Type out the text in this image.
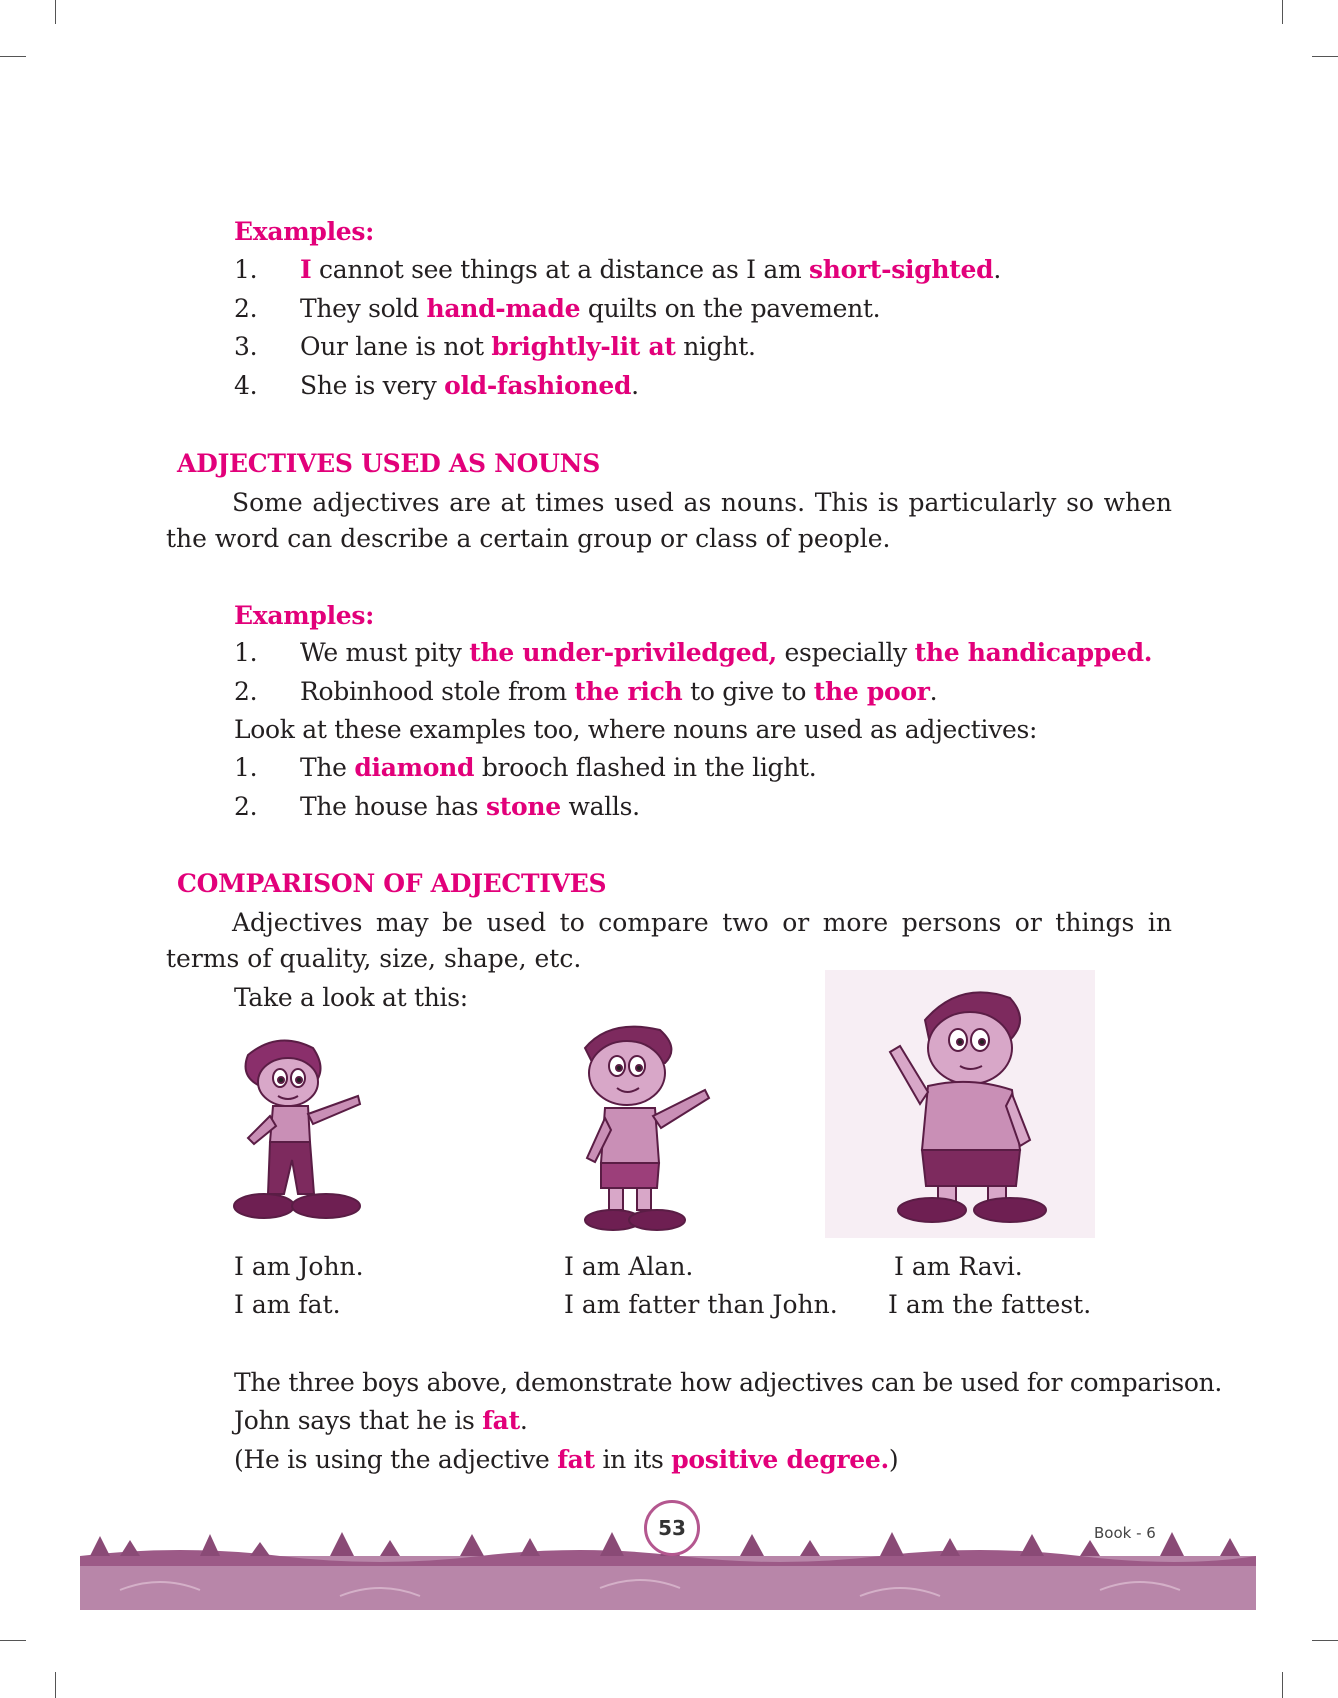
Examples:
1.	I cannot see things at a distance as I am short-sighted.
2.	They sold hand-made quilts on the pavement.
3.	Our lane is not brightly-lit at night.
4.	She is very old-fashioned.
ADJECTIVES USED AS NOUNS
Some adjectives are at times used as nouns. This is particularly so when the word can describe a certain group or class of people.
Examples:
1.	We must pity the under-priviledged, especially the handicapped.
2.	Robinhood stole from the rich to give to the poor.
Look at these examples too, where nouns are used as adjectives:
1.	The diamond brooch flashed in the light.
2.	The house has stone walls.
COMPARISON OF ADJECTIVES
Adjectives may be used to compare two or more persons or things in terms of quality, size, shape, etc.
Take a look at this:
I am John.
I am fat.
I am Alan.
I am fatter than John.
I am Ravi.
I am the fattest.
The three boys above, demonstrate how adjectives can be used for comparison.
John says that he is fat.
(He is using the adjective fat in its positive degree.)
53	Book - 6
